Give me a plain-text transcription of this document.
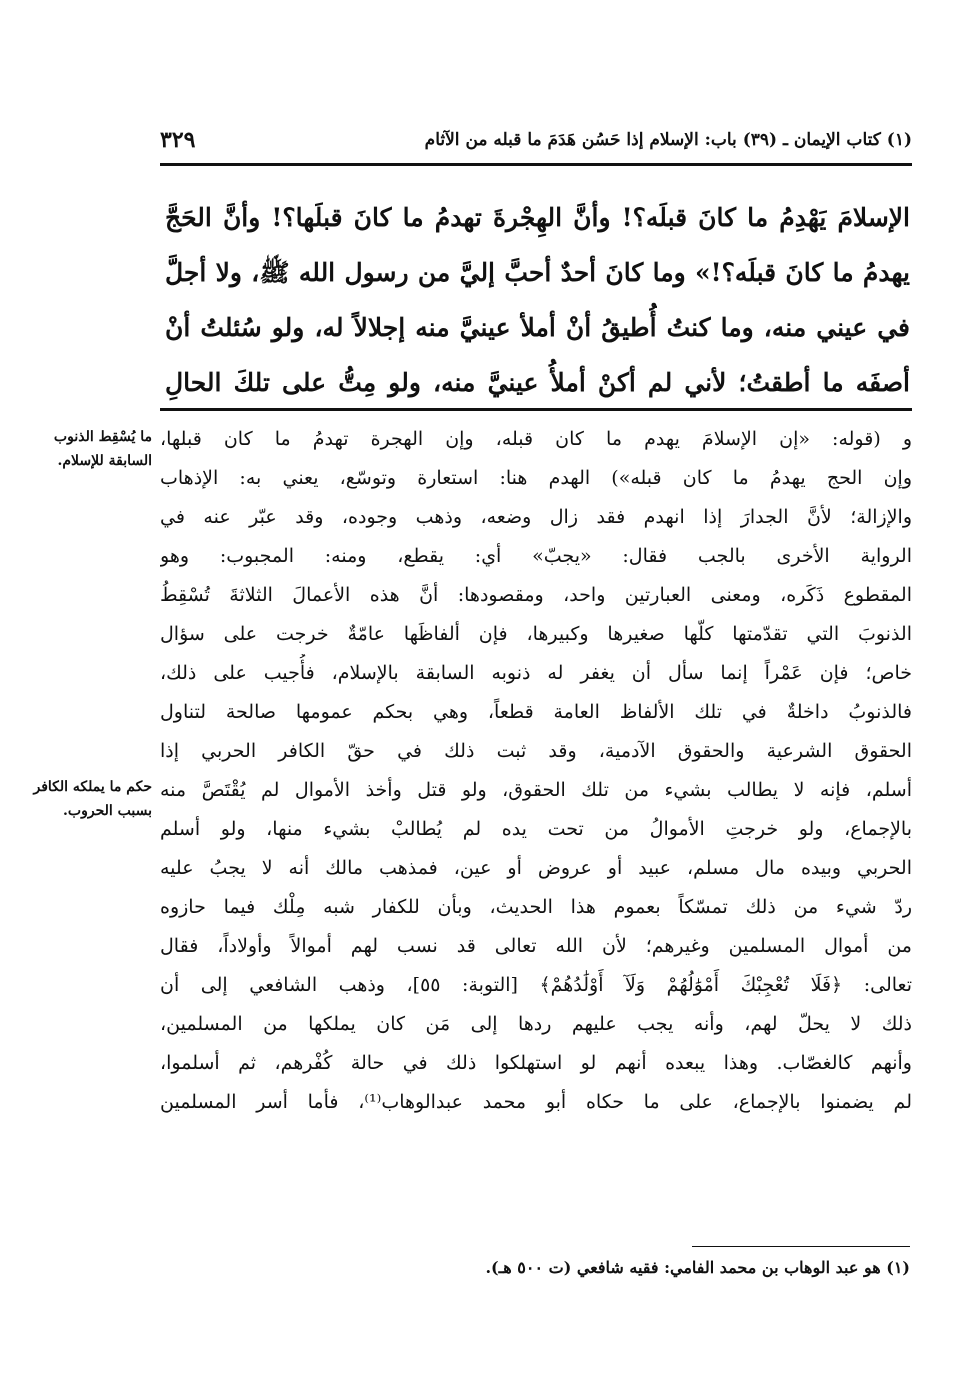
(١) كتاب الإيمان ـ (٣٩) باب: الإسلام إذا حَسُن هَدَمَ ما قبله من الآثام
٣٢٩
الإسلامَ يَهْدِمُ ما كانَ قبلَه؟! وأنَّ الهِجْرةَ تهدمُ ما كانَ قبلَها؟! وأنَّ الحَجَّ
يهدمُ ما كانَ قبلَه؟!» وما كانَ أحدٌ أحبَّ إليَّ من رسول الله ﷺ، ولا أجلَّ
في عيني منه، وما كنتُ أُطيقُ أنْ أملأ عينيَّ منه إجلالاً له، ولو سُئلتُ أنْ
أصفَه ما أطقتُ؛ لأني لم أكنْ أملأُ عينيَّ منه، ولو مِتُّ على تلكَ الحالِ
و (قوله: «إن الإسلامَ يهدم ما كان قبله، وإن الهجرة تهدمُ ما كان قبلها،
وإن الحج يهدمُ ما كان قبله») الهدم هنا: استعارة وتوسّع، يعني به: الإذهاب
والإزالة؛ لأنَّ الجدارَ إذا انهدم فقد زال وضعه، وذهب وجوده، وقد عبّر عنه في
الرواية الأخرى بالجب فقال: «يجبّ» أي: يقطع، ومنه: المجبوب: وهو
المقطوع ذَكَره، ومعنى العبارتين واحد، ومقصودها: أنَّ هذه الأعمالَ الثلاثةَ تُسْقِطُ
الذنوبَ التي تقدّمتها كلّها صغيرها وكبيرها، فإن ألفاظَها عامّةٌ خرجت على سؤال
خاص؛ فإن عَمْراً إنما سأل أن يغفر له ذنوبه السابقة بالإسلام، فأُجيب على ذلك،
فالذنوبُ داخلةٌ في تلك الألفاظ العامة قطعاً، وهي بحكم عمومها صالحة لتناول
الحقوق الشرعية والحقوق الآدمية، وقد ثبت ذلك في حقّ الكافر الحربي إذا
أسلم، فإنه لا يطالب بشيء من تلك الحقوق، ولو قتل وأخذ الأموال لم يُقْتَصَّ منه
بالإجماع، ولو خرجتِ الأموالُ من تحت يده لم يُطالبْ بشيء منها، ولو أسلم
الحربي وبيده مال مسلم، عبيد أو عروض أو عين، فمذهب مالك أنه لا يجبُ عليه
ردّ شيء من ذلك تمسّكاً بعموم هذا الحديث، وبأن للكفار شبه مِلْك فيما حازوه
من أموال المسلمين وغيرهم؛ لأن الله تعالى قد نسب لهم أموالاً وأولاداً، فقال
تعالى: ﴿فَلَا تُعْجِبْكَ أَمْوَٰلُهُمْ وَلَآ أَوْلَٰدُهُمْ﴾ [التوبة: ٥٥]، وذهب الشافعي إلى أن
ذلك لا يحلّ لهم، وأنه يجب عليهم ردها إلى مَن كان يملكها من المسلمين،
وأنهم كالغصّاب. وهذا يبعده أنهم لو استهلكوا ذلك في حالة كُفْرهم، ثم أسلموا،
لم يضمنوا بالإجماع، على ما حكاه أبو محمد عبدالوهاب⁽¹⁾، فأما أسر المسلمين
ما يُسْقِط الذنوب السابقة للإسلام.
حكم ما يملكه الكافر بسبب الحروب.
(١) هو عبد الوهاب بن محمد الفامي: فقيه شافعي (ت ٥٠٠ هـ).
